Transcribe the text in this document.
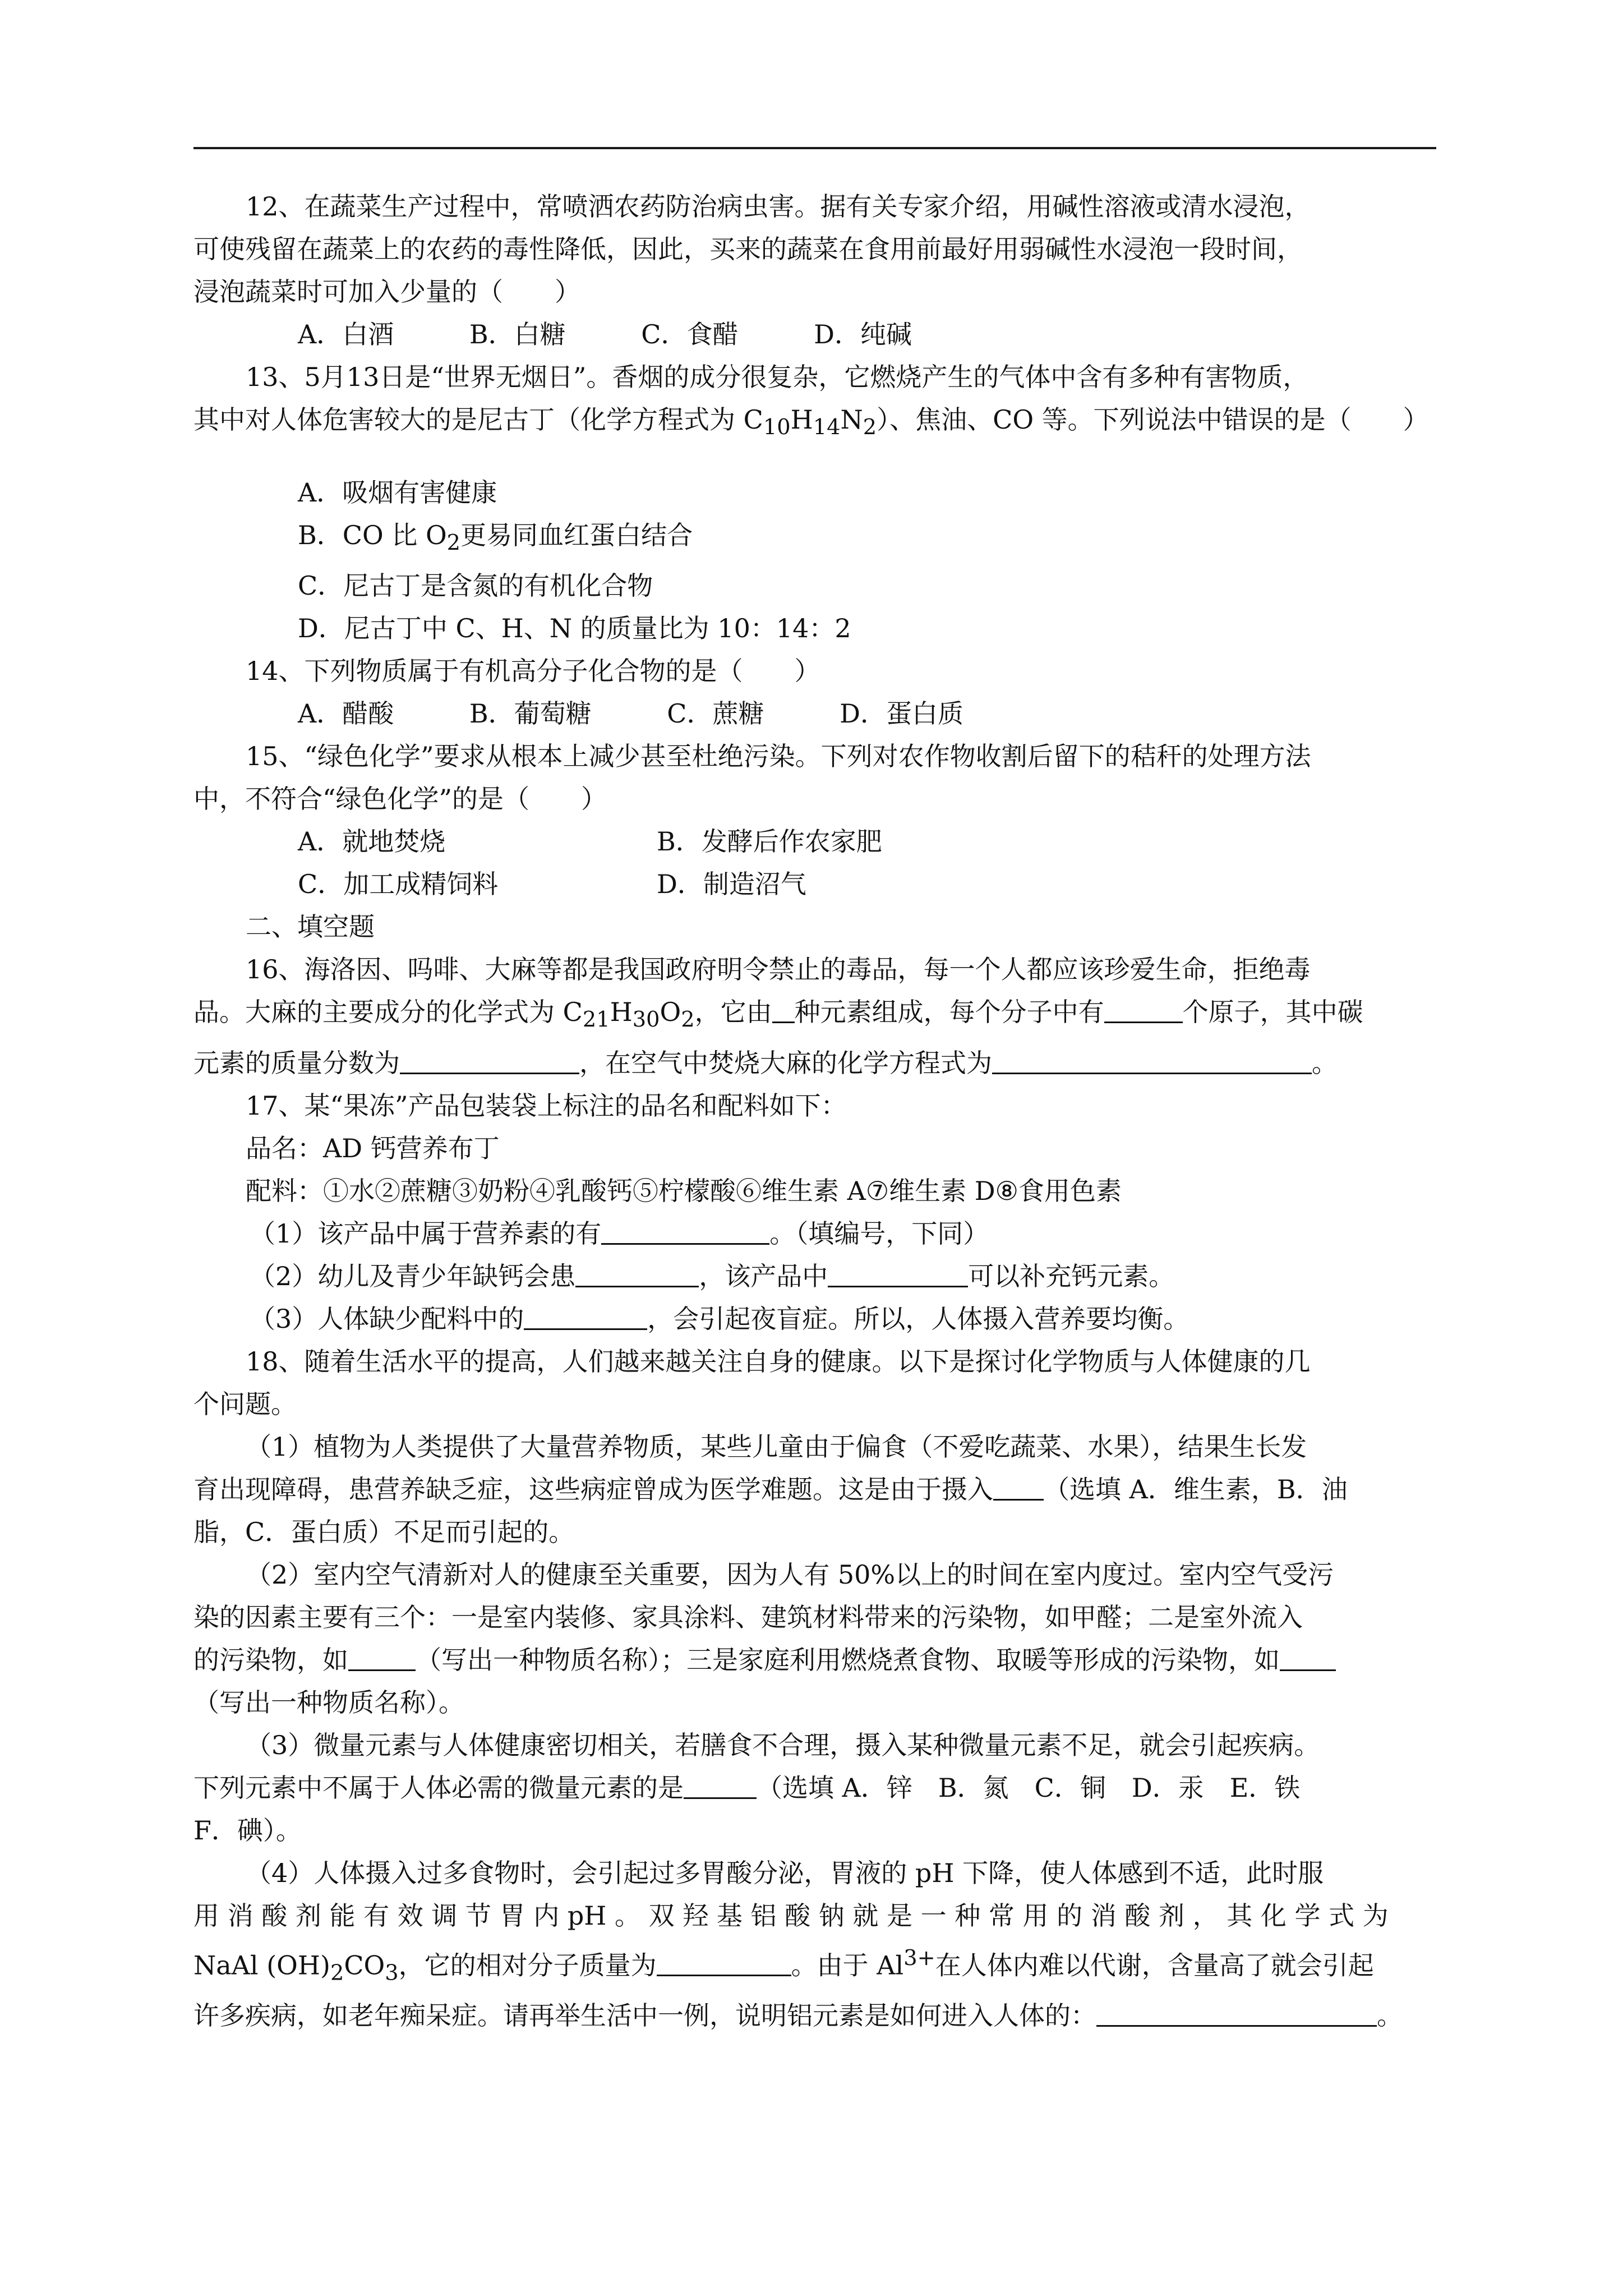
12、在蔬菜生产过程中，常喷洒农药防治病虫害。据有关专家介绍，用碱性溶液或清水浸泡，

可使残留在蔬菜上的农药的毒性降低，因此，买来的蔬菜在食用前最好用弱碱性水浸泡一段时间，

浸泡蔬菜时可加入少量的（　　）

A．白酒	B．白糖	C．食醋	D．纯碱

13、5月13日是“世界无烟日”。香烟的成分很复杂，它燃烧产生的气体中含有多种有害物质，

其中对人体危害较大的是尼古丁（化学方程式为 $C_{10}H_{14}N_2$）、焦油、CO 等。下列说法中错误的是（　　）

A．吸烟有害健康

B．CO 比 $O_2$更易同血红蛋白结合

C．尼古丁是含氮的有机化合物

D．尼古丁中 C、H、N 的质量比为 10：14：2

14、下列物质属于有机高分子化合物的是（　　）

A．醋酸	B．葡萄糖	C．蔗糖	D．蛋白质

15、“绿色化学”要求从根本上减少甚至杜绝污染。下列对农作物收割后留下的秸秆的处理方法

中，不符合“绿色化学”的是（　　）

A．就地焚烧	B．发酵后作农家肥
C．加工成精饲料	D．制造沼气

二、填空题

16、海洛因、吗啡、大麻等都是我国政府明令禁止的毒品，每一个人都应该珍爱生命，拒绝毒

品。大麻的主要成分的化学式为 $C_{21}H_{30}O_2$，它由 种元素组成，每个分子中有	个原子，其中碳

元素的质量分数为	，在空气中焚烧大麻的化学方程式为	。

17、某“果冻”产品包装袋上标注的品名和配料如下：

品名：AD 钙营养布丁

配料：①水②蔗糖③奶粉④乳酸钙⑤柠檬酸⑥维生素 A⑦维生素 D⑧食用色素

（1）该产品中属于营养素的有	。（填编号，下同）

（2）幼儿及青少年缺钙会患	，该产品中	可以补充钙元素。

（3）人体缺少配料中的	，会引起夜盲症。所以，人体摄入营养要均衡。

18、随着生活水平的提高，人们越来越关注自身的健康。以下是探讨化学物质与人体健康的几

个问题。

（1）植物为人类提供了大量营养物质，某些儿童由于偏食（不爱吃蔬菜、水果），结果生长发

育出现障碍，患营养缺乏症，这些病症曾成为医学难题。这是由于摄入 （选填 A．维生素，B．油

脂，C．蛋白质）不足而引起的。

（2）室内空气清新对人的健康至关重要，因为人有 50%以上的时间在室内度过。室内空气受污

染的因素主要有三个：一是室内装修、家具涂料、建筑材料带来的污染物，如甲醛；二是室外流入

的污染物，如	（写出一种物质名称）；三是家庭利用燃烧煮食物、取暖等形成的污染物，如

（写出一种物质名称）。

（3）微量元素与人体健康密切相关，若膳食不合理，摄入某种微量元素不足，就会引起疾病。

下列元素中不属于人体必需的微量元素的是	（选填 A．锌　B．氮　C．铜　D．汞　E．铁

F．碘）。

（4）人体摄入过多食物时，会引起过多胃酸分泌，胃液的 pH 下降，使人体感到不适，此时服

用 消 酸 剂 能 有 效 调 节 胃 内 pH 。 双 羟 基 铝 酸 钠 就 是 一 种 常 用 的 消 酸 剂 ， 其 化 学 式 为

NaAl $(OH)_2CO_3$，它的相对分子质量为	。由于 $Al^{3+}$在人体内难以代谢，含量高了就会引起

许多疾病，如老年痴呆症。请再举生活中一例，说明铝元素是如何进入人体的：	。
